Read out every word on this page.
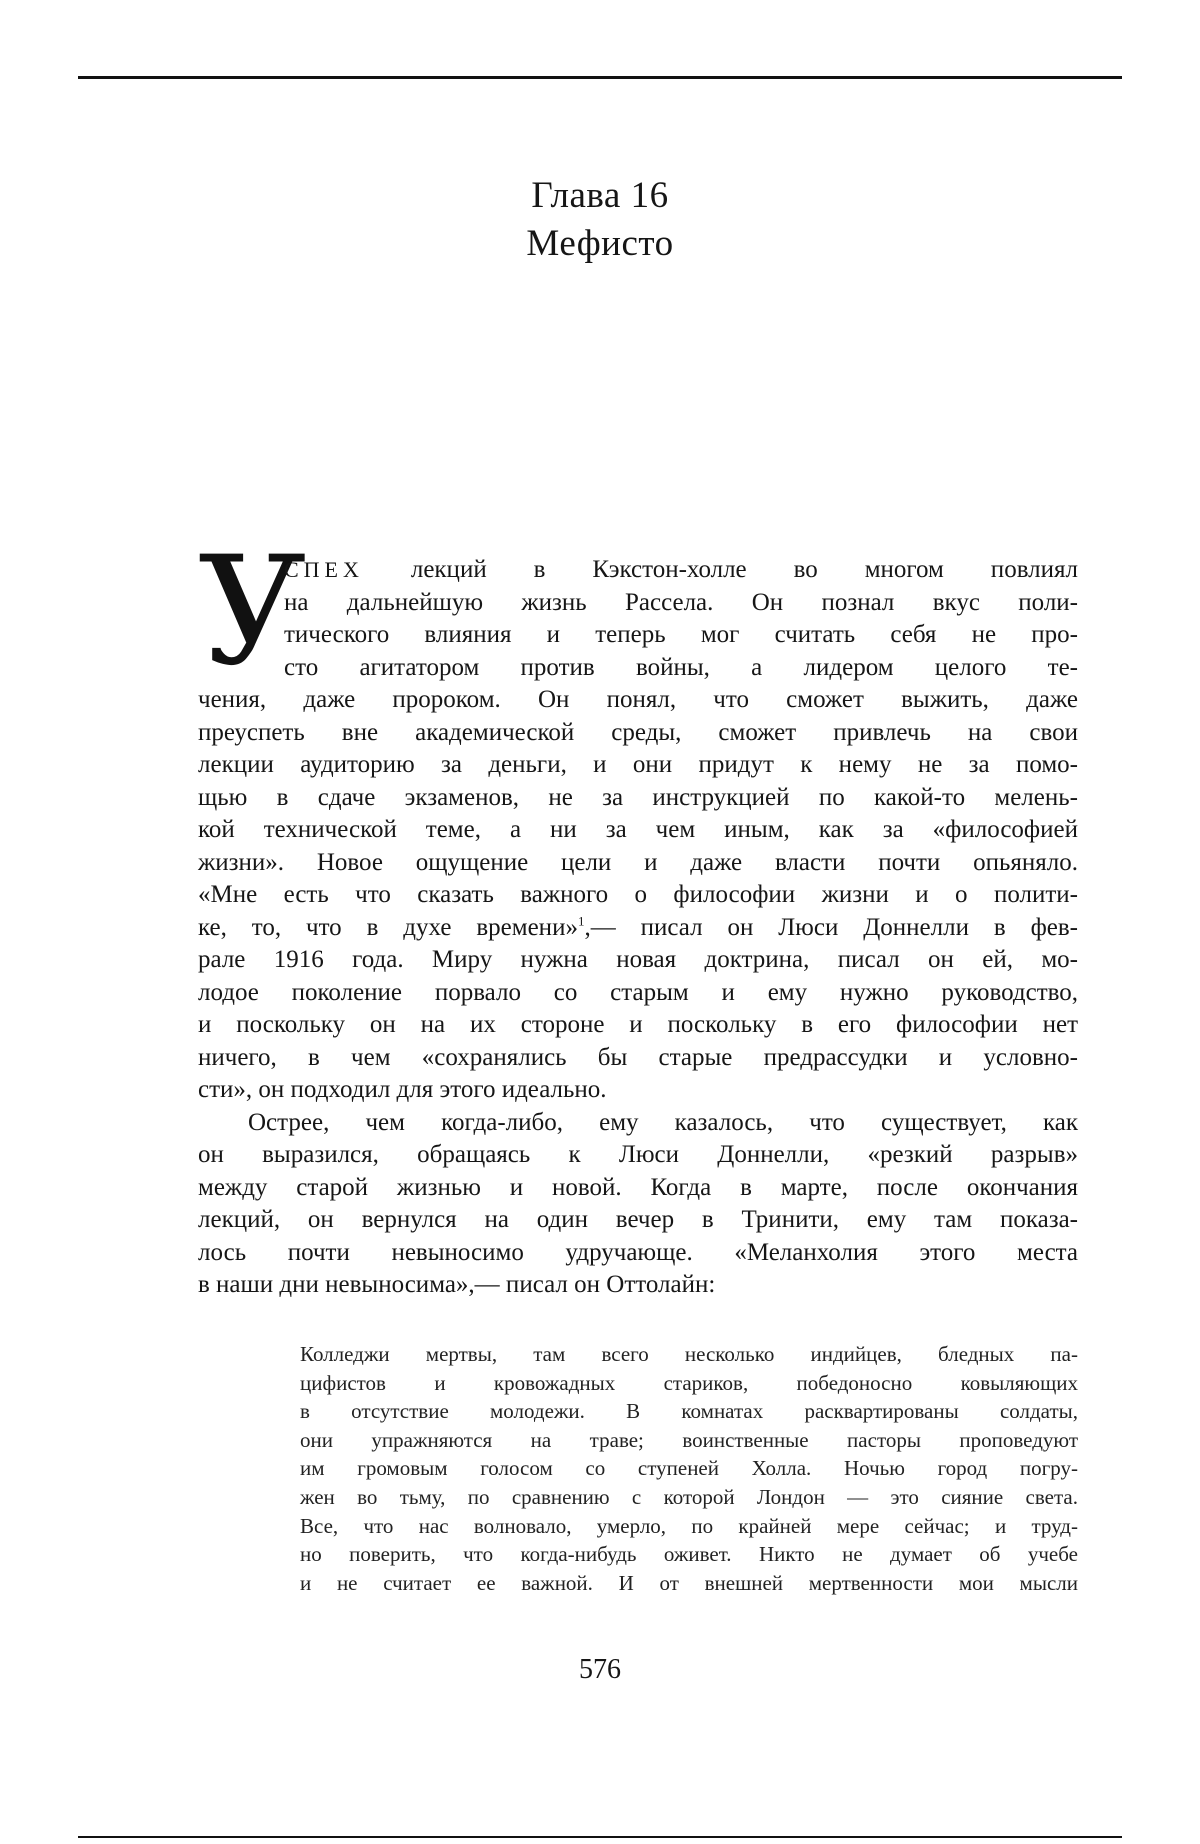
Глава 16
Мефисто
У
СПЕХ лекций в Кэкстон-холле во многом повлиял
на дальнейшую жизнь Рассела. Он познал вкус поли-
тического влияния и теперь мог считать себя не про-
сто агитатором против войны, а лидером целого те-
чения, даже пророком. Он понял, что сможет выжить, даже
преуспеть вне академической среды, сможет привлечь на свои
лекции аудиторию за деньги, и они придут к нему не за помо-
щью в сдаче экзаменов, не за инструкцией по какой-то мелень-
кой технической теме, а ни за чем иным, как за «философией
жизни». Новое ощущение цели и даже власти почти опьяняло.
«Мне есть что сказать важного о философии жизни и о полити-
ке, то, что в духе времени»$^1$,— писал он Люси Доннелли в фев-
рале 1916 года. Миру нужна новая доктрина, писал он ей, мо-
лодое поколение порвало со старым и ему нужно руководство,
и поскольку он на их стороне и поскольку в его философии нет
ничего, в чем «сохранялись бы старые предрассудки и условно-
сти», он подходил для этого идеально.
Острее, чем когда-либо, ему казалось, что существует, как
он выразился, обращаясь к Люси Доннелли, «резкий разрыв»
между старой жизнью и новой. Когда в марте, после окончания
лекций, он вернулся на один вечер в Тринити, ему там показа-
лось почти невыносимо удручающе. «Меланхолия этого места
в наши дни невыносима»,— писал он Оттолайн:
Колледжи мертвы, там всего несколько индийцев, бледных па-
цифистов и кровожадных стариков, победоносно ковыляющих
в отсутствие молодежи. В комнатах расквартированы солдаты,
они упражняются на траве; воинственные пасторы проповедуют
им громовым голосом со ступеней Холла. Ночью город погру-
жен во тьму, по сравнению с которой Лондон — это сияние света.
Все, что нас волновало, умерло, по крайней мере сейчас; и труд-
но поверить, что когда-нибудь оживет. Никто не думает об учебе
и не считает ее важной. И от внешней мертвенности мои мысли
576
